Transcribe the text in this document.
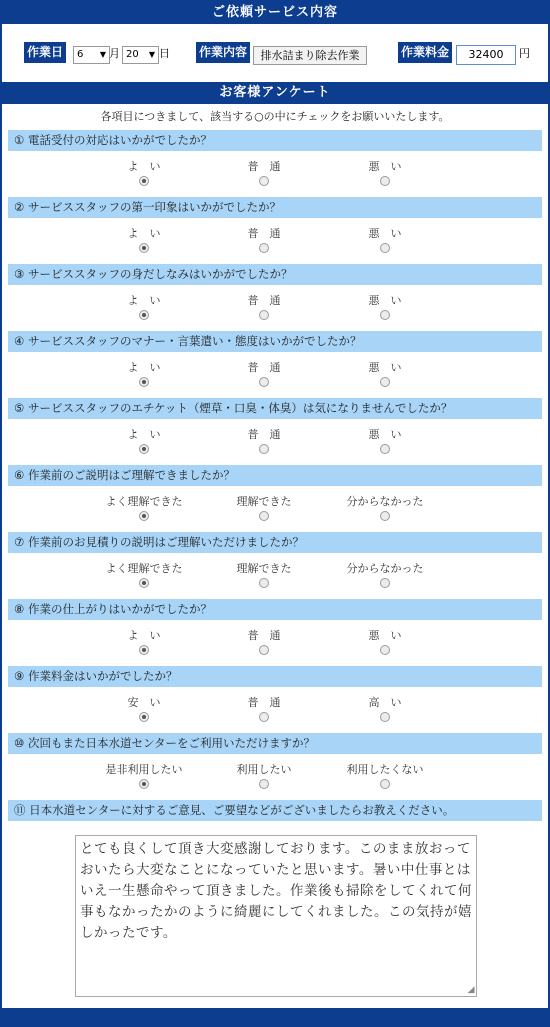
ご依頼サービス内容
作業日	6 ▼ 月 20 ▼ 日 作業内容	排水詰まり除去作業	作業料金	32400	円
お客様アンケート
各項目につきまして、該当する○の中にチェックをお願いいたします。
① 電話受付の対応はいかがでしたか？
よ　い	普　通	悪　い
② サービススタッフの第一印象はいかがでしたか？
よ　い	普　通	悪　い
③ サービススタッフの身だしなみはいかがでしたか？
よ　い	普　通	悪　い
④ サービススタッフのマナー・言葉遣い・態度はいかがでしたか？
よ　い	普　通	悪　い
⑤ サービススタッフのエチケット（煙草・口臭・体臭）は気になりませんでしたか？
よ　い	普　通	悪　い
⑥ 作業前のご説明はご理解できましたか？
よく理解できた	理解できた	分からなかった
⑦ 作業前のお見積りの説明はご理解いただけましたか？
よく理解できた	理解できた	分からなかった
⑧ 作業の仕上がりはいかがでしたか？
よ　い	普　通	悪　い
⑨ 作業料金はいかがでしたか？
安　い	普　通	高　い
⑩ 次回もまた日本水道センターをご利用いただけますか？
是非利用したい	利用したい	利用したくない
⑪ 日本水道センターに対するご意見、ご要望などがございましたらお教えください。
とても良くして頂き大変感謝しております。このまま放おっておいたら大変なことになっていたと思います。暑い中仕事とはいえ一生懸命やって頂きました。作業後も掃除をしてくれて何事もなかったかのように綺麗にしてくれました。この気持が嬉しかったです。
◢
